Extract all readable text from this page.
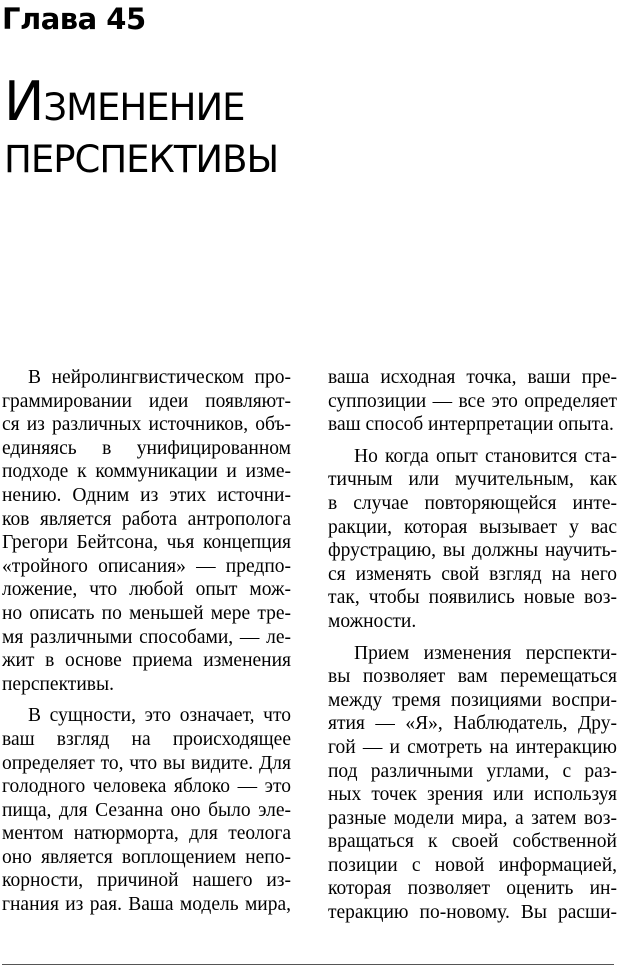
Глава 45
ИЗМЕНЕНИЕ
ПЕРСПЕКТИВЫ
В нейролингвистическом про-
граммировании идеи появляют-
ся из различных источников, объ-
единяясь в унифицированном
подходе к коммуникации и изме-
нению. Одним из этих источни-
ков является работа антрополога
Грегори Бейтсона, чья концепция
«тройного описания» — предпо-
ложение, что любой опыт мож-
но описать по меньшей мере тре-
мя различными способами, — ле-
жит в основе приема изменения
перспективы.
В сущности, это означает, что
ваш взгляд на происходящее
определяет то, что вы видите. Для
голодного человека яблоко — это
пища, для Сезанна оно было эле-
ментом натюрморта, для теолога
оно является воплощением непо-
корности, причиной нашего из-
гнания из рая. Ваша модель мира,
ваша исходная точка, ваши пре-
суппозиции — все это определяет
ваш способ интерпретации опыта.
Но когда опыт становится ста-
тичным или мучительным, как
в случае повторяющейся инте-
ракции, которая вызывает у вас
фрустрацию, вы должны научить-
ся изменять свой взгляд на него
так, чтобы появились новые воз-
можности.
Прием изменения перспекти-
вы позволяет вам перемещаться
между тремя позициями воспри-
ятия — «Я», Наблюдатель, Дру-
гой — и смотреть на интеракцию
под различными углами, с раз-
ных точек зрения или используя
разные модели мира, а затем воз-
вращаться к своей собственной
позиции с новой информацией,
которая позволяет оценить ин-
теракцию по-новому. Вы расши-
